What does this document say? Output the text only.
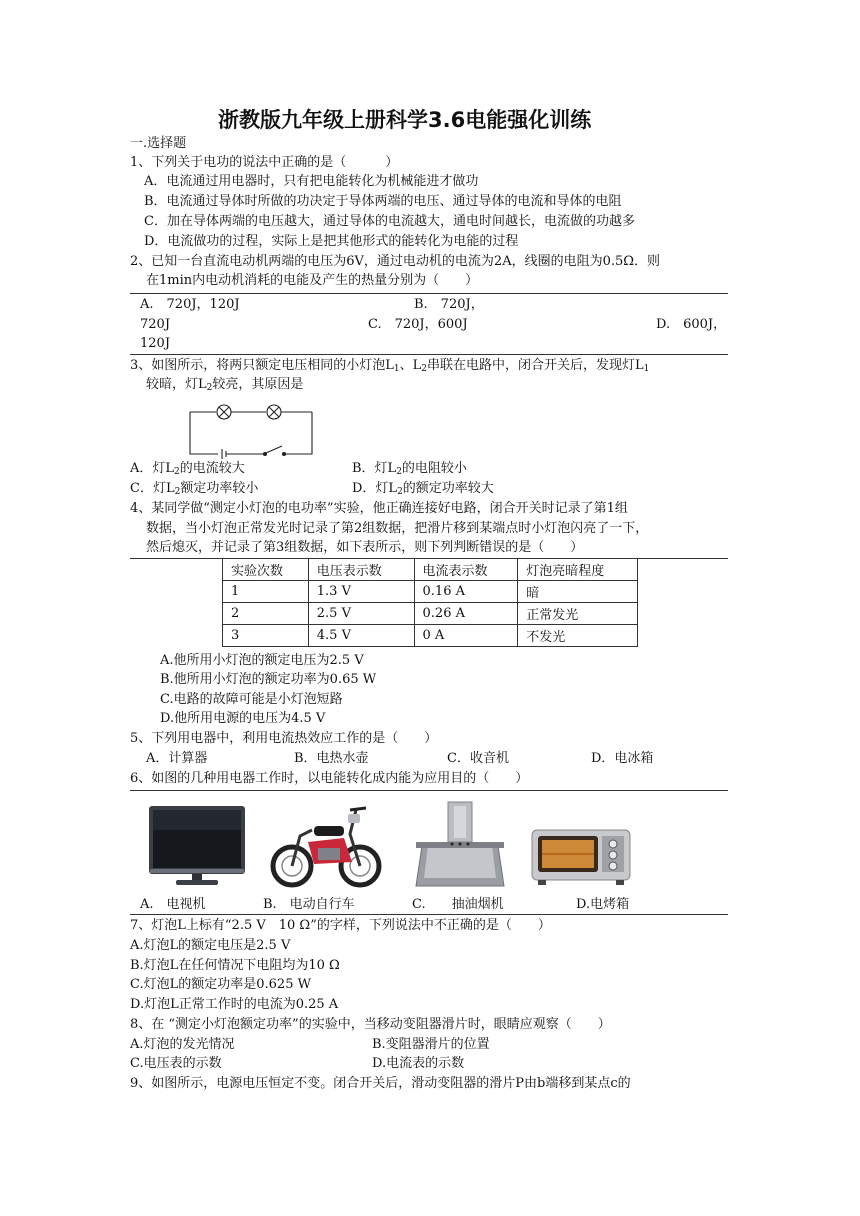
浙教版九年级上册科学3.6电能强化训练
一.选择题
1、下列关于电功的说法中正确的是（　　　）
A．电流通过用电器时，只有把电能转化为机械能进才做功
B．电流通过导体时所做的功决定于导体两端的电压、通过导体的电流和导体的电阻
C．加在导体两端的电压越大，通过导体的电流越大，通电时间越长，电流做的功越多
D．电流做功的过程，实际上是把其他形式的能转化为电能的过程
2、已知一台直流电动机两端的电压为6V，通过电动机的电流为2A，线圈的电阻为0.5Ω．则
在1min内电动机消耗的电能及产生的热量分别为（　　）
A.　720J，120J	B.　720J，
720J	C.　720J，600J	D.　600J，
120J
3、如图所示，将两只额定电压相同的小灯泡$L_1$、$L_2$串联在电路中，闭合开关后，发现灯$L_1$
较暗，灯$L_2$较亮，其原因是
A．灯$L_2$的电流较大	B．灯$L_2$的电阻较小
C．灯$L_2$额定功率较小	D．灯$L_2$的额定功率较大
4、某同学做“测定小灯泡的电功率”实验，他正确连接好电路，闭合开关时记录了第1组
数据，当小灯泡正常发光时记录了第2组数据，把滑片移到某端点时小灯泡闪亮了一下，
然后熄灭，并记录了第3组数据，如下表所示，则下列判断错误的是（　　）
实验次数	电压表示数	电流表示数	灯泡亮暗程度
1	1.3 V	0.16 A	暗
2	2.5 V	0.26 A	正常发光
3	4.5 V	0 A	不发光
A.他所用小灯泡的额定电压为2.5 V
B.他所用小灯泡的额定功率为0.65 W
C.电路的故障可能是小灯泡短路
D.他所用电源的电压为4.5 V
5、下列用电器中，利用电流热效应工作的是（　　）
A．计算器	B．电热水壶	C．收音机	D．电冰箱
6、如图的几种用电器工作时，以电能转化成内能为应用目的（　　）
A.　电视机	B.　电动自行车	C.　　抽油烟机	D.电烤箱
7、灯泡L上标有“2.5 V　10 Ω”的字样，下列说法中不正确的是（　　）
A.灯泡L的额定电压是2.5 V
B.灯泡L在任何情况下电阻均为10 Ω
C.灯泡L的额定功率是0.625 W
D.灯泡L正常工作时的电流为0.25 A
8、在 “测定小灯泡额定功率”的实验中，当移动变阻器滑片时，眼睛应观察（　　）
A.灯泡的发光情况	B.变阻器滑片的位置
C.电压表的示数	D.电流表的示数
9、如图所示，电源电压恒定不变。闭合开关后，滑动变阻器的滑片P由b端移到某点c的
